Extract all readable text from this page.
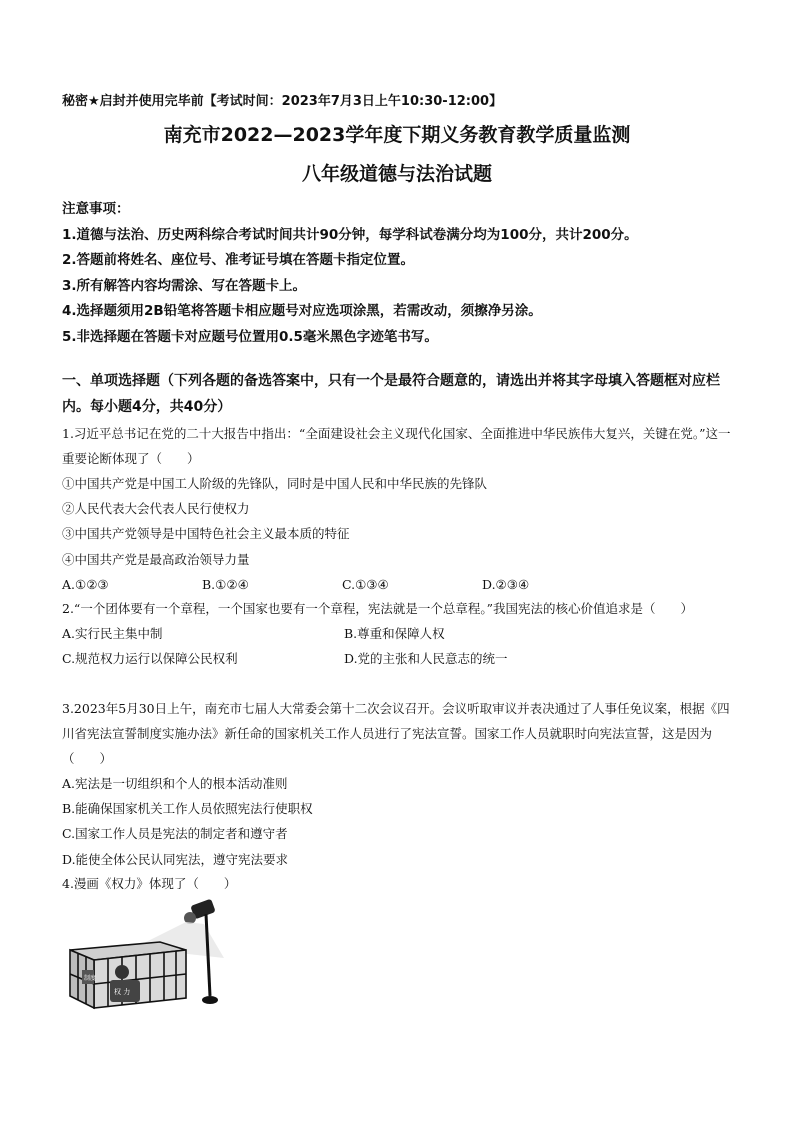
秘密★启封并使用完毕前【考试时间：2023年7月3日上午10:30-12:00】
南充市2022—2023学年度下期义务教育教学质量监测
八年级道德与法治试题
注意事项：
1.道德与法治、历史两科综合考试时间共计90分钟，每学科试卷满分均为100分，共计200分。
2.答题前将姓名、座位号、准考证号填在答题卡指定位置。
3.所有解答内容均需涂、写在答题卡上。
4.选择题须用2B铅笔将答题卡相应题号对应选项涂黑，若需改动，须擦净另涂。
5.非选择题在答题卡对应题号位置用0.5毫米黑色字迹笔书写。
一、单项选择题（下列各题的备选答案中，只有一个是最符合题意的，请选出并将其字母填入答题框对应栏内。每小题4分，共40分）
1.习近平总书记在党的二十大报告中指出：“全面建设社会主义现代化国家、全面推进中华民族伟大复兴，关键在党。”这一重要论断体现了（　　）
①中国共产党是中国工人阶级的先锋队，同时是中国人民和中华民族的先锋队
②人民代表大会代表人民行使权力
③中国共产党领导是中国特色社会主义最本质的特征
④中国共产党是最高政治领导力量
A.①②③	B.①②④	C.①③④	D.②③④
2.“一个团体要有一个章程，一个国家也要有一个章程，宪法就是一个总章程。”我国宪法的核心价值追求是（　　）
A.实行民主集中制	B.尊重和保障人权
C.规范权力运行以保障公民权利	D.党的主张和人民意志的统一
3.2023年5月30日上午，南充市七届人大常委会第十二次会议召开。会议听取审议并表决通过了人事任免议案，根据《四川省宪法宣誓制度实施办法》新任命的国家机关工作人员进行了宪法宣誓。国家工作人员就职时向宪法宣誓，这是因为（　　）
A.宪法是一切组织和个人的根本活动准则
B.能确保国家机关工作人员依照宪法行使职权
C.国家工作人员是宪法的制定者和遵守者
D.能使全体公民认同宪法，遵守宪法要求
4.漫画《权力》体现了（　　）
制度
权 力
